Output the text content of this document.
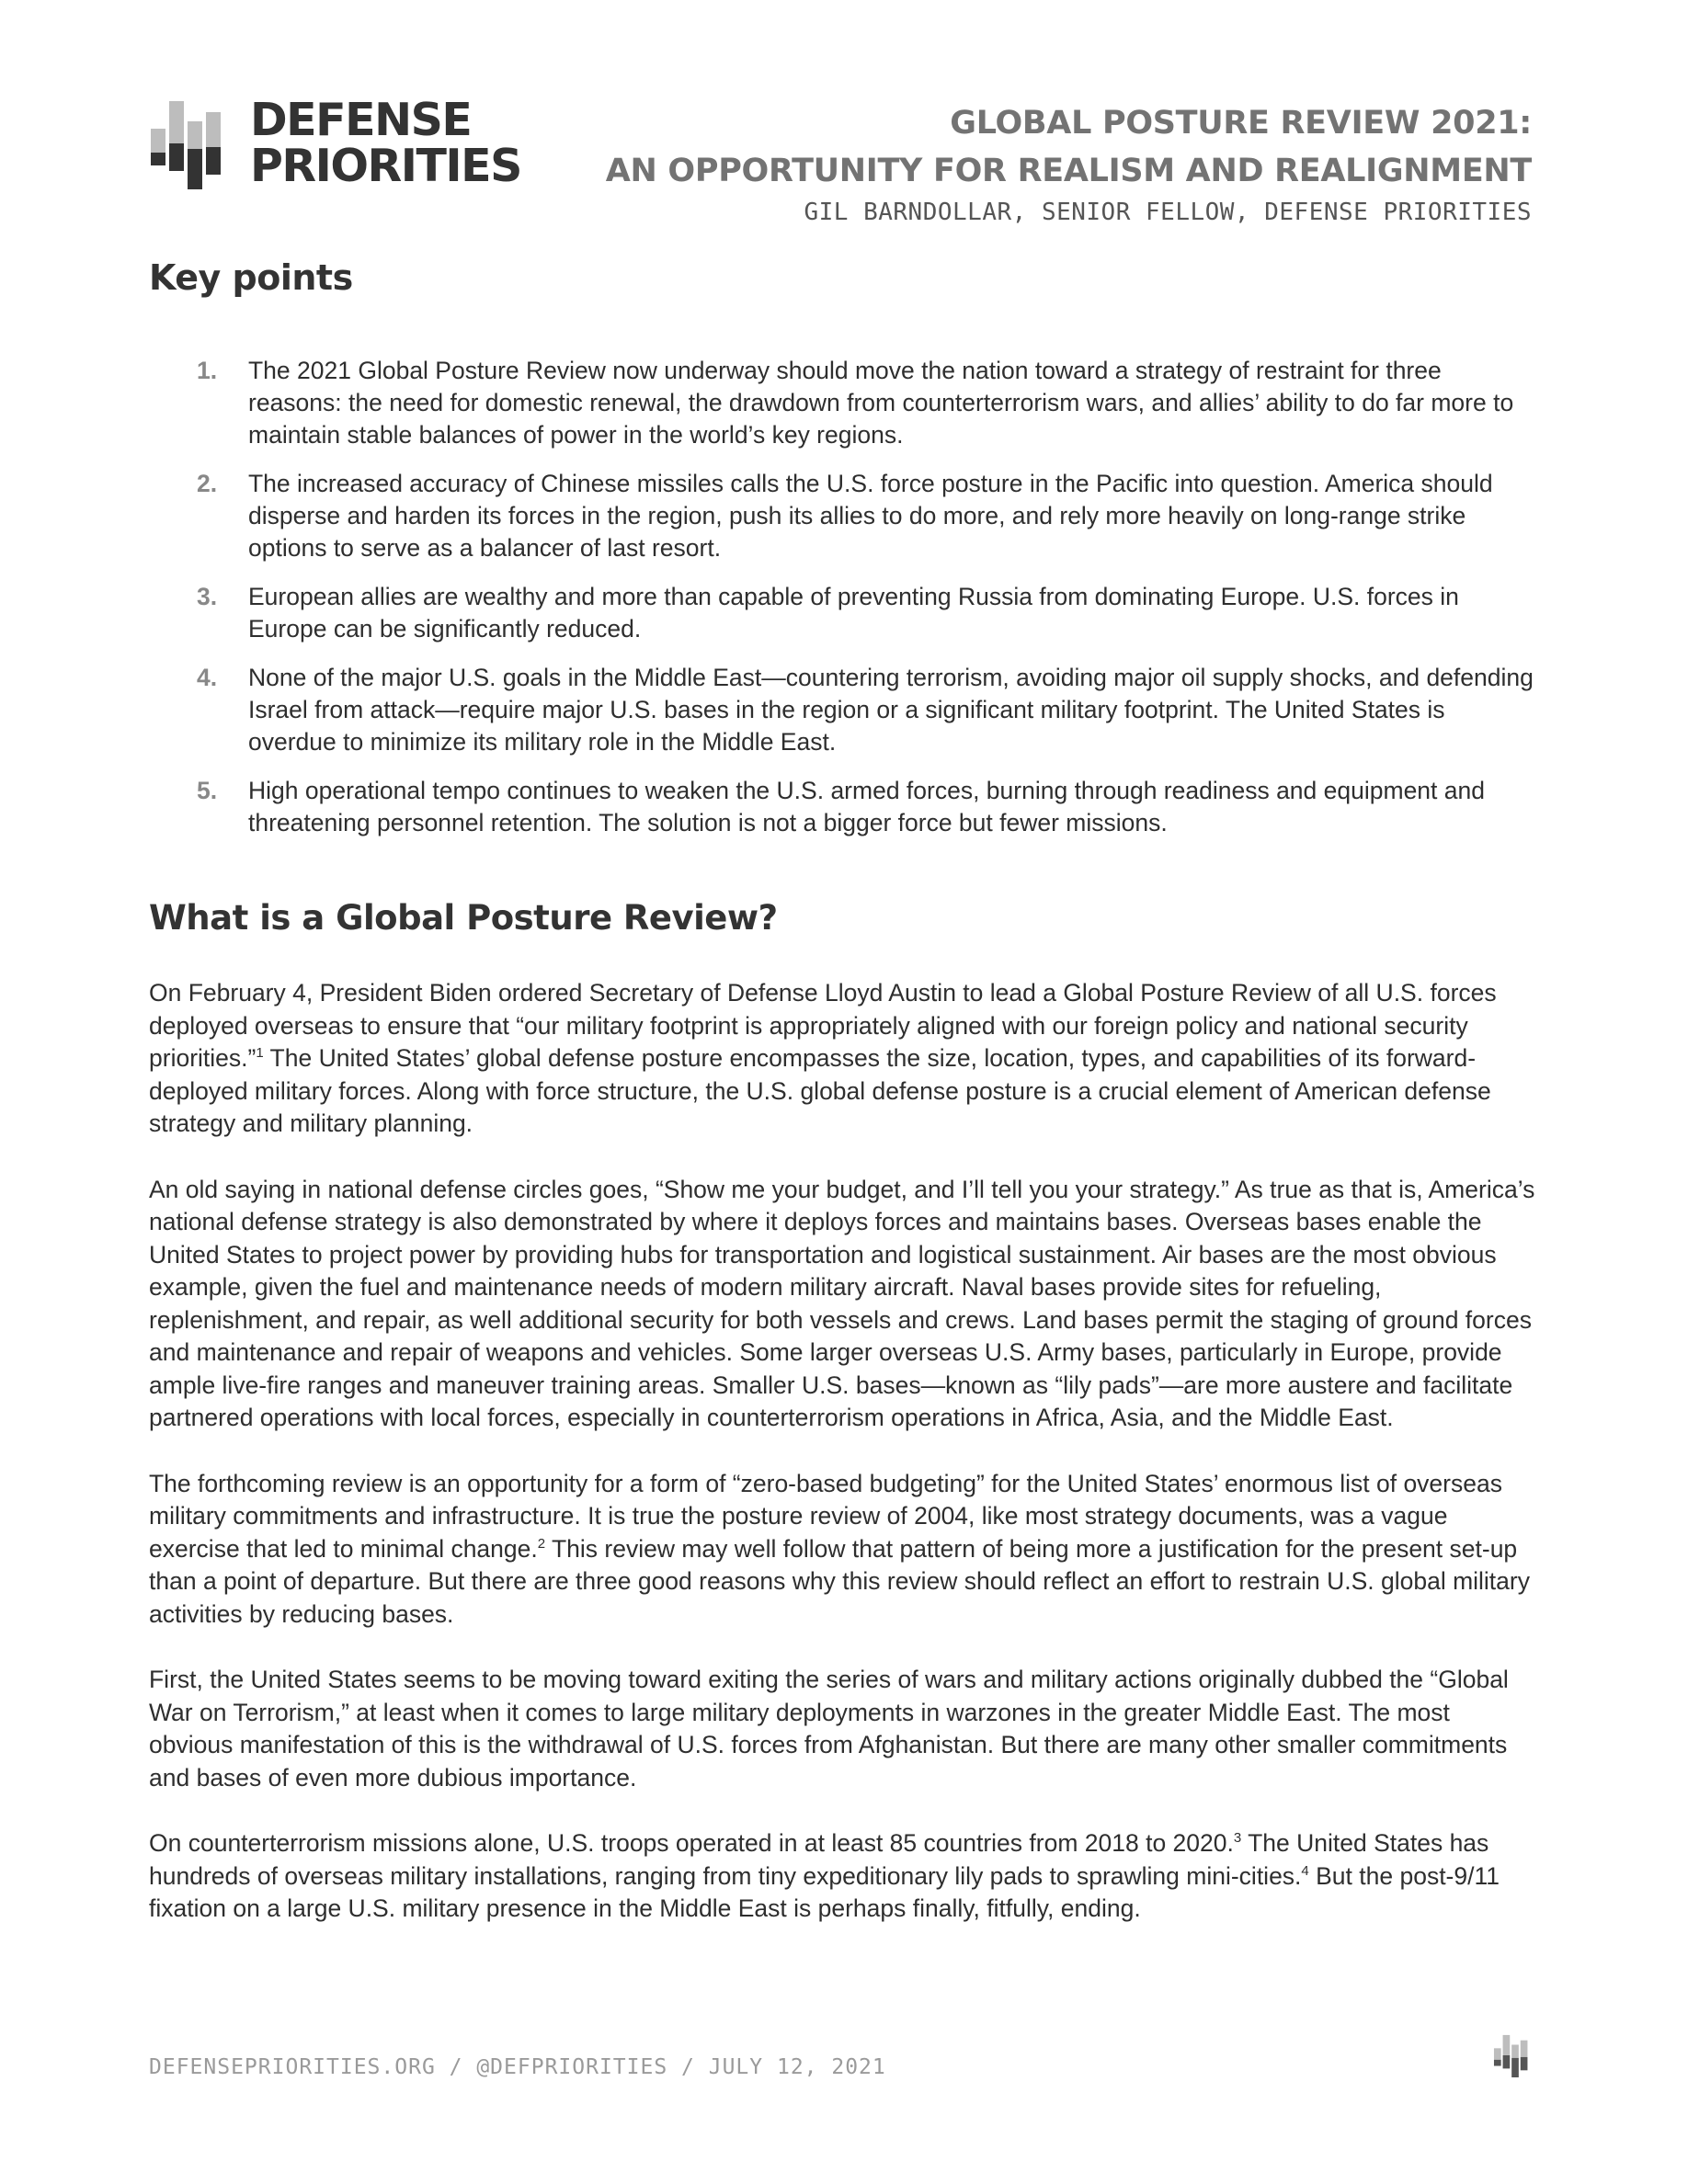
DEFENSE
PRIORITIES
GLOBAL POSTURE REVIEW 2021:
AN OPPORTUNITY FOR REALISM AND REALIGNMENT
GIL BARNDOLLAR, SENIOR FELLOW, DEFENSE PRIORITIES
Key points
1. The 2021 Global Posture Review now underway should move the nation toward a strategy of restraint for three reasons: the need for domestic renewal, the drawdown from counterterrorism wars, and allies’ ability to do far more to maintain stable balances of power in the world’s key regions.
2. The increased accuracy of Chinese missiles calls the U.S. force posture in the Pacific into question. America should disperse and harden its forces in the region, push its allies to do more, and rely more heavily on long-range strike options to serve as a balancer of last resort.
3. European allies are wealthy and more than capable of preventing Russia from dominating Europe. U.S. forces in Europe can be significantly reduced.
4. None of the major U.S. goals in the Middle East—countering terrorism, avoiding major oil supply shocks, and defending Israel from attack—require major U.S. bases in the region or a significant military footprint. The United States is overdue to minimize its military role in the Middle East.
5. High operational tempo continues to weaken the U.S. armed forces, burning through readiness and equipment and threatening personnel retention. The solution is not a bigger force but fewer missions.
What is a Global Posture Review?

On February 4, President Biden ordered Secretary of Defense Lloyd Austin to lead a Global Posture Review of all U.S. forces deployed overseas to ensure that “our military footprint is appropriately aligned with our foreign policy and national security priorities.”$^1$ The United States’ global defense posture encompasses the size, location, types, and capabilities of its forward-deployed military forces. Along with force structure, the U.S. global defense posture is a crucial element of American defense strategy and military planning.

An old saying in national defense circles goes, “Show me your budget, and I’ll tell you your strategy.” As true as that is, America’s national defense strategy is also demonstrated by where it deploys forces and maintains bases. Overseas bases enable the United States to project power by providing hubs for transportation and logistical sustainment. Air bases are the most obvious example, given the fuel and maintenance needs of modern military aircraft. Naval bases provide sites for refueling, replenishment, and repair, as well additional security for both vessels and crews. Land bases permit the staging of ground forces and maintenance and repair of weapons and vehicles. Some larger overseas U.S. Army bases, particularly in Europe, provide ample live-fire ranges and maneuver training areas. Smaller U.S. bases—known as “lily pads”—are more austere and facilitate partnered operations with local forces, especially in counterterrorism operations in Africa, Asia, and the Middle East.

The forthcoming review is an opportunity for a form of “zero-based budgeting” for the United States’ enormous list of overseas military commitments and infrastructure. It is true the posture review of 2004, like most strategy documents, was a vague exercise that led to minimal change.$^2$ This review may well follow that pattern of being more a justification for the present set-up than a point of departure. But there are three good reasons why this review should reflect an effort to restrain U.S. global military activities by reducing bases.

First, the United States seems to be moving toward exiting the series of wars and military actions originally dubbed the “Global War on Terrorism,” at least when it comes to large military deployments in warzones in the greater Middle East. The most obvious manifestation of this is the withdrawal of U.S. forces from Afghanistan. But there are many other smaller commitments and bases of even more dubious importance.

On counterterrorism missions alone, U.S. troops operated in at least 85 countries from 2018 to 2020.$^3$ The United States has hundreds of overseas military installations, ranging from tiny expeditionary lily pads to sprawling mini-cities.$^4$ But the post-9/11 fixation on a large U.S. military presence in the Middle East is perhaps finally, fitfully, ending.

DEFENSEPRIORITIES.ORG / @DEFPRIORITIES / JULY 12, 2021
